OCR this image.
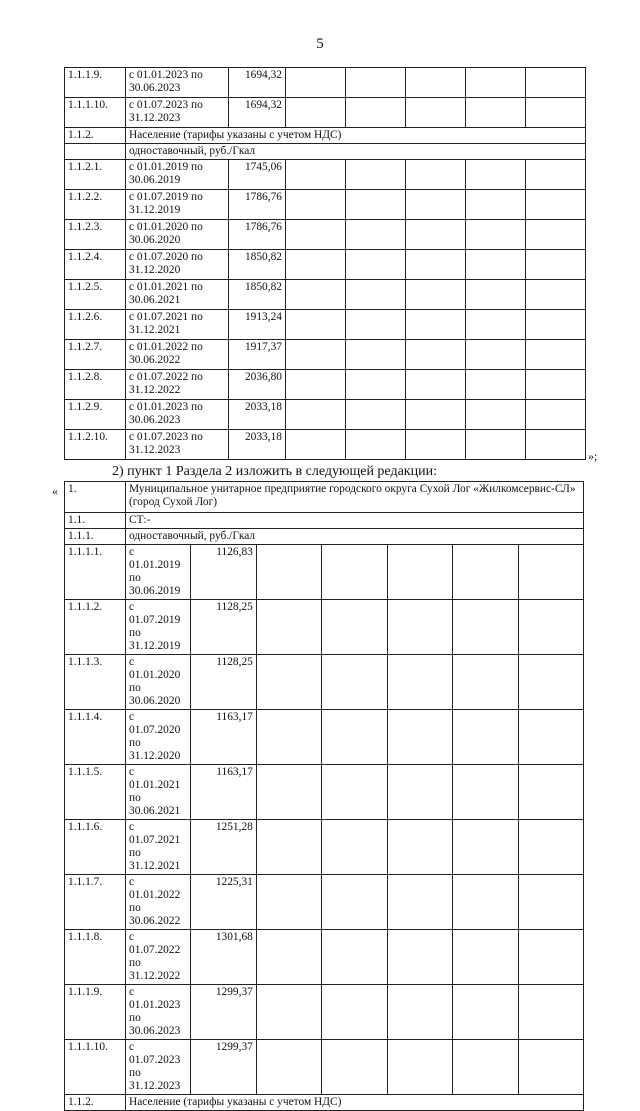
5
1.1.1.9.	с 01.01.2023 по 30.06.2023	1694,32					
1.1.1.10.	с 01.07.2023 по 31.12.2023	1694,32					
1.1.2.	Население (тарифы указаны с учетом НДС)						
	одноставочный, руб./Гкал						
1.1.2.1.	с 01.01.2019 по 30.06.2019	1745,06					
1.1.2.2.	с 01.07.2019 по 31.12.2019	1786,76					
1.1.2.3.	с 01.01.2020 по 30.06.2020	1786,76					
1.1.2.4.	с 01.07.2020 по 31.12.2020	1850,82					
1.1.2.5.	с 01.01.2021 по 30.06.2021	1850,82					
1.1.2.6.	с 01.07.2021 по 31.12.2021	1913,24					
1.1.2.7.	с 01.01.2022 по 30.06.2022	1917,37					
1.1.2.8.	с 01.07.2022 по 31.12.2022	2036,80					
1.1.2.9.	с 01.01.2023 по 30.06.2023	2033,18					
1.1.2.10.	с 01.07.2023 по 31.12.2023	2033,18					
»;
2) пункт 1 Раздела 2 изложить в следующей редакции:
« 1.	Муниципальное унитарное предприятие городского округа Сухой Лог «Жилкомсервис-СЛ» (город Сухой Лог)						
1.1.	СТ:-						
1.1.1.	одноставочный, руб./Гкал						
1.1.1.1.	с 01.01.2019 по 30.06.2019	1126,83					
1.1.1.2.	с 01.07.2019 по 31.12.2019	1128,25					
1.1.1.3.	с 01.01.2020 по 30.06.2020	1128,25					
1.1.1.4.	с 01.07.2020 по 31.12.2020	1163,17					
1.1.1.5.	с 01.01.2021 по 30.06.2021	1163,17					
1.1.1.6.	с 01.07.2021 по 31.12.2021	1251,28					
1.1.1.7.	с 01.01.2022 по 30.06.2022	1225,31					
1.1.1.8.	с 01.07.2022 по 31.12.2022	1301,68					
1.1.1.9.	с 01.01.2023 по 30.06.2023	1299,37					
1.1.1.10.	с 01.07.2023 по 31.12.2023	1299,37					
1.1.2.	Население (тарифы указаны с учетом НДС)						
